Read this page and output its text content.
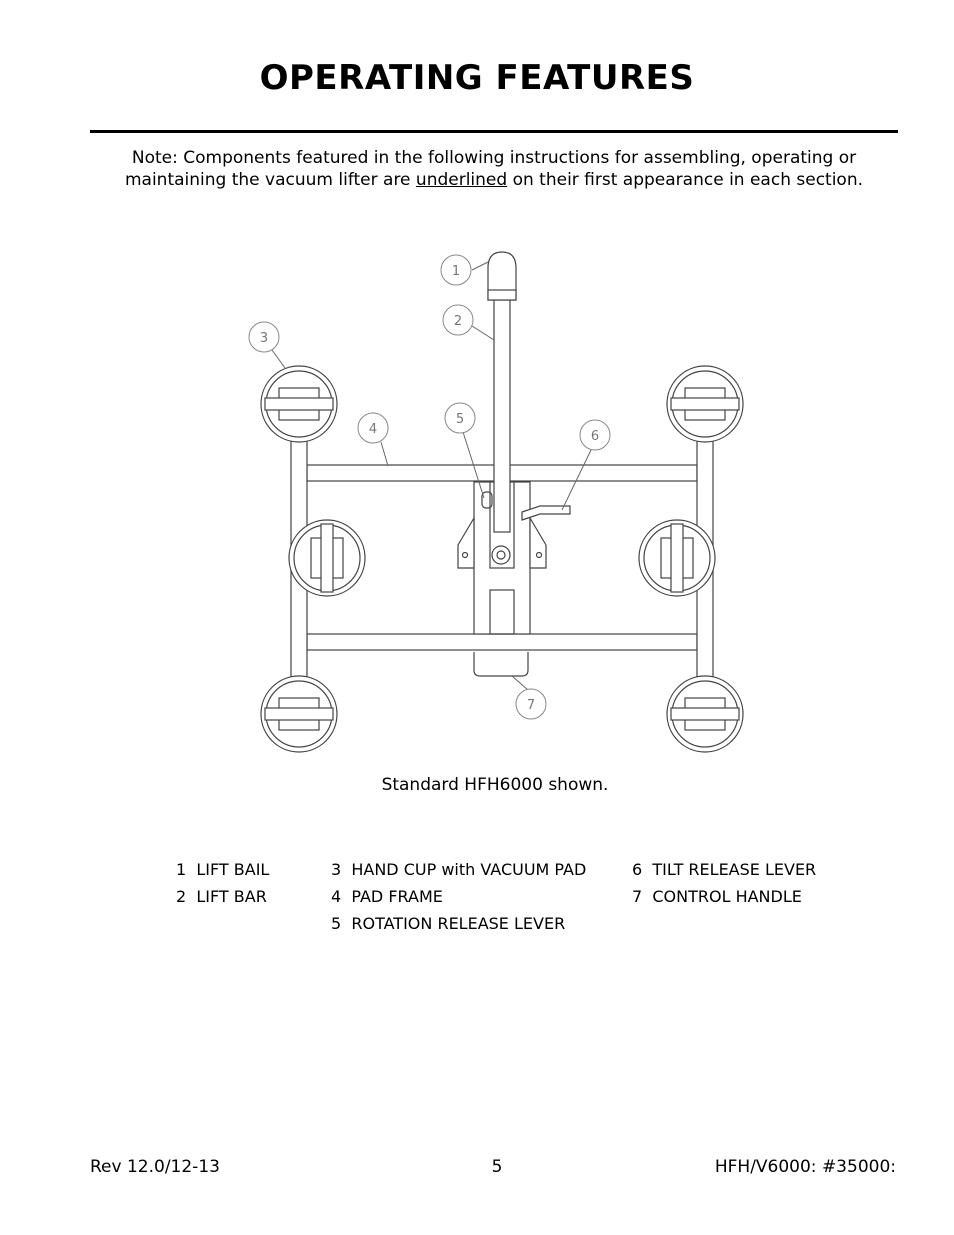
OPERATING FEATURES
Note: Components featured in the following instructions for assembling, operating or maintaining the vacuum lifter are underlined on their first appearance in each section.
1
2
3
4
5
6
7
Standard HFH6000 shown.
1 LIFT BAIL
2 LIFT BAR
3 HAND CUP with VACUUM PAD
4 PAD FRAME
5 ROTATION RELEASE LEVER
6 TILT RELEASE LEVER
7 CONTROL HANDLE
Rev 12.0/12-13	5	HFH/V6000: #35000:
